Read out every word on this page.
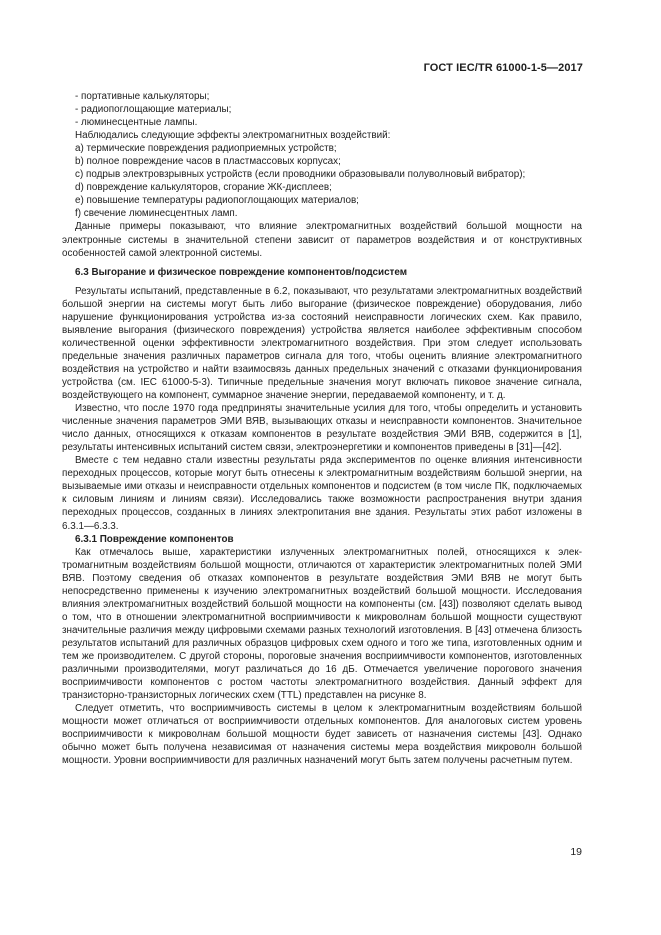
ГОСТ IEC/TR 61000-1-5—2017

- портативные калькуляторы;

- радиопоглощающие материалы;

- люминесцентные лампы.

Наблюдались следующие эффекты электромагнитных воздействий:

a) термические повреждения радиоприемных устройств;

b) полное повреждение часов в пластмассовых корпусах;

c) подрыв электровзрывных устройств (если проводники образовывали полуволновый вибратор);

d) повреждение калькуляторов, сгорание ЖК-дисплеев;

e) повышение температуры радиопоглощающих материалов;

f) свечение люминесцентных ламп.

Данные примеры показывают, что влияние электромагнитных воздействий большой мощности на электронные системы в значительной степени зависит от параметров воздействия и от конструктивных особенностей самой электронной системы.

6.3 Выгорание и физическое повреждение компонентов/подсистем

Результаты испытаний, представленные в 6.2, показывают, что результатами электромагнитных воздействий большой энергии на системы могут быть либо выгорание (физическое повреждение) оборудования, либо нарушение функционирования устройства из-за состояний неисправности логических схем. Как правило, выявление выгорания (физического повреждения) устройства является наиболее эффективным способом количественной оценки эффективности электромагнитного воздействия. При этом следует использовать предельные значения различных параметров сигнала для того, чтобы оценить влияние электромагнитного воздействия на устройство и найти взаимосвязь данных предельных значений с отказами функционирования устройства (см. IEC 61000-5-3). Типичные предельные значения могут включать пиковое значение сигнала, воздействующего на компонент, суммарное значение энергии, передаваемой компоненту, и т. д.

Известно, что после 1970 года предприняты значительные усилия для того, чтобы определить и установить численные значения параметров ЭМИ ВЯВ, вызывающих отказы и неисправности компонентов. Значительное число данных, относящихся к отказам компонентов в результате воздействия ЭМИ ВЯВ, содержится в [1], результаты интенсивных испытаний систем связи, электроэнергетики и компонентов приведены в [31]—[42].

Вместе с тем недавно стали известны результаты ряда экспериментов по оценке влияния интенсивности переходных процессов, которые могут быть отнесены к электромагнитным воздействиям большой энергии, на вызываемые ими отказы и неисправности отдельных компонентов и подсистем (в том числе ПК, подключаемых к силовым линиям и линиям связи). Исследовались также возможности распространения внутри здания переходных процессов, созданных в линиях электропитания вне здания. Результаты этих работ изложены в 6.3.1—6.3.3.

6.3.1 Повреждение компонентов

Как отмечалось выше, характеристики излученных электромагнитных полей, относящихся к электромагнитным воздействиям большой мощности, отличаются от характеристик электромагнитных полей ЭМИ ВЯВ. Поэтому сведения об отказах компонентов в результате воздействия ЭМИ ВЯВ не могут быть непосредственно применены к изучению электромагнитных воздействий большой мощности. Исследования влияния электромагнитных воздействий большой мощности на компоненты (см. [43]) позволяют сделать вывод о том, что в отношении электромагнитной восприимчивости к микроволнам большой мощности существуют значительные различия между цифровыми схемами разных технологий изготовления. В [43] отмечена близость результатов испытаний для различных образцов цифровых схем одного и того же типа, изготовленных одним и тем же производителем. С другой стороны, пороговые значения восприимчивости компонентов, изготовленных различными производителями, могут различаться до 16 дБ. Отмечается увеличение порогового значения восприимчивости компонентов с ростом частоты электромагнитного воздействия. Данный эффект для транзисторно-транзисторных логических схем (TTL) представлен на рисунке 8.

Следует отметить, что восприимчивость системы в целом к электромагнитным воздействиям большой мощности может отличаться от восприимчивости отдельных компонентов. Для аналоговых систем уровень восприимчивости к микроволнам большой мощности будет зависеть от назначения системы [43]. Однако обычно может быть получена независимая от назначения системы мера воздействия микроволн большой мощности. Уровни восприимчивости для различных назначений могут быть затем получены расчетным путем.

19
